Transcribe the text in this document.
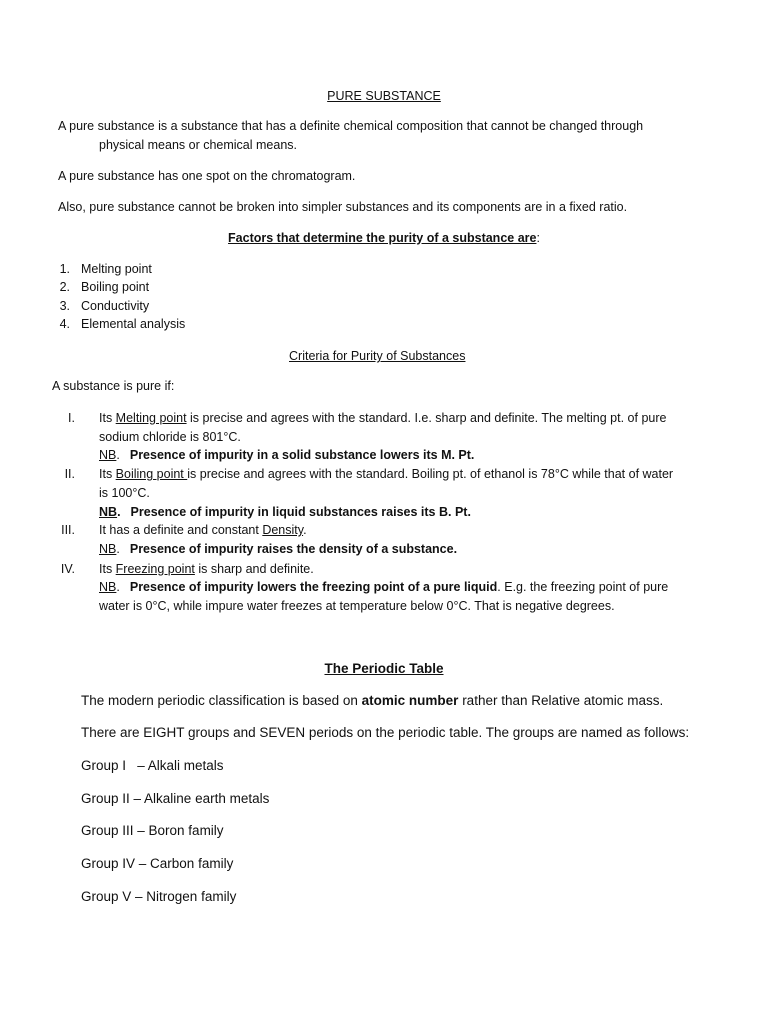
PURE SUBSTANCE
A pure substance is a substance that has a definite chemical composition that cannot be changed through
physical means or chemical means.
A pure substance has one spot on the chromatogram.
Also, pure substance cannot be broken into simpler substances and its components are in a fixed ratio.
Factors that determine the purity of a substance are:
1. Melting point
2. Boiling point
3. Conductivity
4. Elemental analysis
Criteria for Purity of Substances
A substance is pure if:
I. Its Melting point is precise and agrees with the standard. I.e. sharp and definite. The melting pt. of pure
sodium chloride is 801°C.
NB. Presence of impurity in a solid substance lowers its M. Pt.
II. Its Boiling point is precise and agrees with the standard. Boiling pt. of ethanol is 78°C while that of water
is 100°C.
NB. Presence of impurity in liquid substances raises its B. Pt.
III. It has a definite and constant Density.
NB. Presence of impurity raises the density of a substance.
IV. Its Freezing point is sharp and definite.
NB. Presence of impurity lowers the freezing point of a pure liquid. E.g. the freezing point of pure
water is 0°C, while impure water freezes at temperature below 0°C. That is negative degrees.
The Periodic Table
The modern periodic classification is based on atomic number rather than Relative atomic mass.
There are EIGHT groups and SEVEN periods on the periodic table. The groups are named as follows:
Group I   – Alkali metals
Group II – Alkaline earth metals
Group III – Boron family
Group IV – Carbon family
Group V – Nitrogen family
